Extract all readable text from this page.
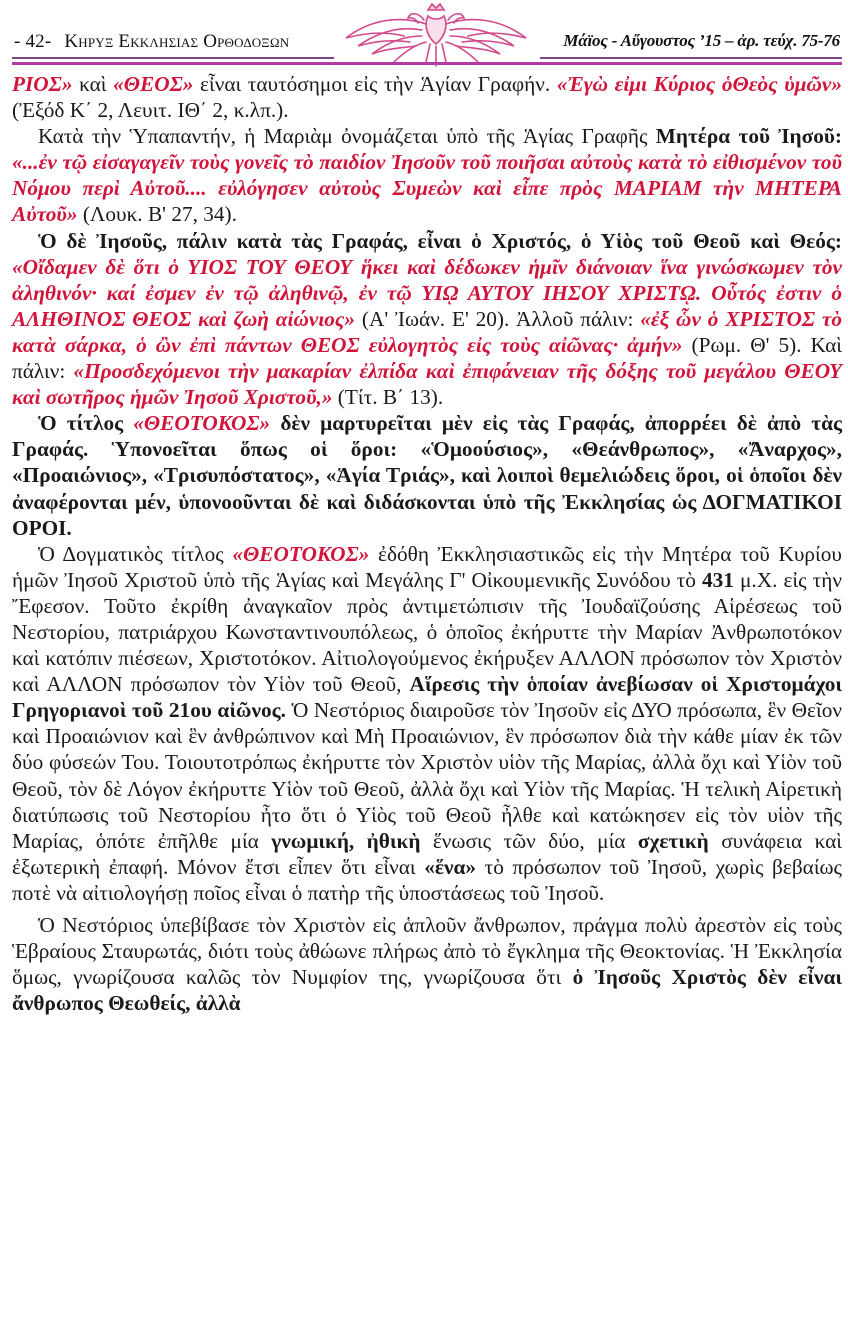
- 42- Κηρυξ Εκκλησιας Ορθοδοξων	Μάϊος - Αὔγουστος ’15 – ἀρ. τεύχ. 75-76

ΡΙΟΣ» καὶ «ΘΕΟΣ» εἶναι ταυτόσημοι εἰς τὴν Ἁγίαν Γραφήν. «Ἐγὼ εἰμι Κύριος ὁΘεὸς ὑμῶν» (Ἐξόδ Κ΄ 2, Λευιτ. ΙΘ΄ 2, κ.λπ.).

Κατὰ τὴν Ὑπαπαντήν, ἡ Μαριὰμ ὀνομάζεται ὑπὸ τῆς Ἁγίας Γραφῆς Μητέρα τοῦ Ἰησοῦ: «...ἐν τῷ εἰσαγαγεῖν τοὺς γονεῖς τὸ παιδίον Ἰησοῦν τοῦ ποιῆσαι αὐτοὺς κατὰ τὸ εἰθισμένον τοῦ Νόμου περὶ Αὐτοῦ.... εὐλόγησεν αὐτοὺς Συμεὼν καὶ εἶπε πρὸς ΜΑΡΙΑΜ τὴν ΜΗΤΕΡΑ Αὐτοῦ» (Λουκ. Β' 27, 34).

Ὁ δὲ Ἰησοῦς, πάλιν κατὰ τὰς Γραφάς, εἶναι ὁ Χριστός, ὁ Υἱὸς τοῦ Θεοῦ καὶ Θεός: «Οἴδαμεν δὲ ὅτι ὁ ΥΙΟΣ ΤΟΥ ΘΕΟΥ ἥκει καὶ δέδωκεν ἡμῖν διάνοιαν ἵνα γινώσκωμεν τὸν ἀληθινόν· καί ἐσμεν ἐν τῷ ἀληθινῷ, ἐν τῷ ΥΙῼ ΑΥΤΟΥ ΙΗΣΟΥ ΧΡΙΣΤῼ. Οὗτός ἐστιν ὁ ΑΛΗΘΙΝΟΣ ΘΕΟΣ καὶ ζωὴ αἰώνιος» (Α' Ἰωάν. Ε' 20). Ἀλλοῦ πάλιν: «ἐξ ὧν ὁ ΧΡΙΣΤΟΣ τὸ κατὰ σάρκα, ὁ ὢν ἐπὶ πάντων ΘΕΟΣ εὐλογητὸς εἰς τοὺς αἰῶνας· ἀμήν» (Ρωμ. Θ' 5). Καὶ πάλιν: «Προσδεχόμενοι τὴν μακαρίαν ἐλπίδα καὶ ἐπιφάνειαν τῆς δόξης τοῦ μεγάλου ΘΕΟΥ καὶ σωτῆρος ἡμῶν Ἰησοῦ Χριστοῦ,» (Τίτ. Β΄ 13).

Ὁ τίτλος «ΘΕΟΤΟΚΟΣ» δὲν μαρτυρεῖται μὲν εἰς τὰς Γραφάς, ἀπορρέει δὲ ἀπὸ τὰς Γραφάς. Ὑπονοεῖται ὅπως οἱ ὅροι: «Ὁμοούσιος», «Θεάνθρωπος», «Ἄναρχος», «Προαιώνιος», «Τρισυπόστατος», «Ἁγία Τριάς», καὶ λοιποὶ θεμελιώδεις ὅροι, οἱ ὁποῖοι δὲν ἀναφέρονται μέν, ὑπονοοῦνται δὲ καὶ διδάσκονται ὑπὸ τῆς Ἐκκλησίας ὡς ΔΟΓΜΑΤΙΚΟΙ ΟΡΟΙ.

Ὁ Δογματικὸς τίτλος «ΘΕΟΤΟΚΟΣ» ἐδόθη Ἐκκλησιαστικῶς εἰς τὴν Μητέρα τοῦ Κυρίου ἡμῶν Ἰησοῦ Χριστοῦ ὑπὸ τῆς Ἁγίας καὶ Μεγάλης Γ' Οἰκουμενικῆς Συνόδου τὸ 431 μ.Χ. εἰς τὴν Ἔφεσον. Τοῦτο ἐκρίθη ἀναγκαῖον πρὸς ἀντιμετώπισιν τῆς Ἰουδαϊζούσης Αἱρέσεως τοῦ Νεστορίου, πατριάρχου Κωνσταντινουπόλεως, ὁ ὁποῖος ἐκήρυττε τὴν Μαρίαν Ἀνθρωποτόκον καὶ κατόπιν πιέσεων, Χριστοτόκον. Αἰτιολογούμενος ἐκήρυξεν ΑΛΛΟΝ πρόσωπον τὸν Χριστὸν καὶ ΑΛΛΟΝ πρόσωπον τὸν Υἱὸν τοῦ Θεοῦ, Αἵρεσις τὴν ὁποίαν ἀνεβίωσαν οἱ Χριστομάχοι Γρηγοριανοὶ τοῦ 21ου αἰῶνος. Ὁ Νεστόριος διαιροῦσε τὸν Ἰησοῦν εἰς ΔΥΟ πρόσωπα, ἓν Θεῖον καὶ Προαιώνιον καὶ ἓν ἀνθρώπινον καὶ Μὴ Προαιώνιον, ἓν πρόσωπον διὰ τὴν κάθε μίαν ἐκ τῶν δύο φύσεών Του. Τοιουτοτρόπως ἐκήρυττε τὸν Χριστὸν υἱὸν τῆς Μαρίας, ἀλλὰ ὄχι καὶ Υἱὸν τοῦ Θεοῦ, τὸν δὲ Λόγον ἐκήρυττε Υἱὸν τοῦ Θεοῦ, ἀλλὰ ὄχι καὶ Υἱὸν τῆς Μαρίας. Ἡ τελικὴ Αἱρετικὴ διατύπωσις τοῦ Νεστορίου ἦτο ὅτι ὁ Υἱὸς τοῦ Θεοῦ ἦλθε καὶ κατώκησεν εἰς τὸν υἱὸν τῆς Μαρίας, ὁπότε ἐπῆλθε μία γνωμική, ἠθικὴ ἕνωσις τῶν δύο, μία σχετικὴ συνάφεια καὶ ἐξωτερικὴ ἐπαφή. Μόνον ἔτσι εἶπεν ὅτι εἶναι «ἕνα» τὸ πρόσωπον τοῦ Ἰησοῦ, χωρὶς βεβαίως ποτὲ νὰ αἰτιολογήσῃ ποῖος εἶναι ὁ πατὴρ τῆς ὑποστάσεως τοῦ Ἰησοῦ.

Ὁ Νεστόριος ὑπεβίβασε τὸν Χριστὸν εἰς ἁπλοῦν ἄνθρωπον, πράγμα πολὺ ἀρεστὸν εἰς τοὺς Ἑβραίους Σταυρωτάς, διότι τοὺς ἀθώωνε πλήρως ἀπὸ τὸ ἔγκλημα τῆς Θεοκτονίας. Ἡ Ἐκκλησία ὅμως, γνωρίζουσα καλῶς τὸν Νυμφίον της, γνωρίζουσα ὅτι ὁ Ἰησοῦς Χριστὸς δὲν εἶναι ἄνθρωπος Θεωθείς, ἀλλὰ
